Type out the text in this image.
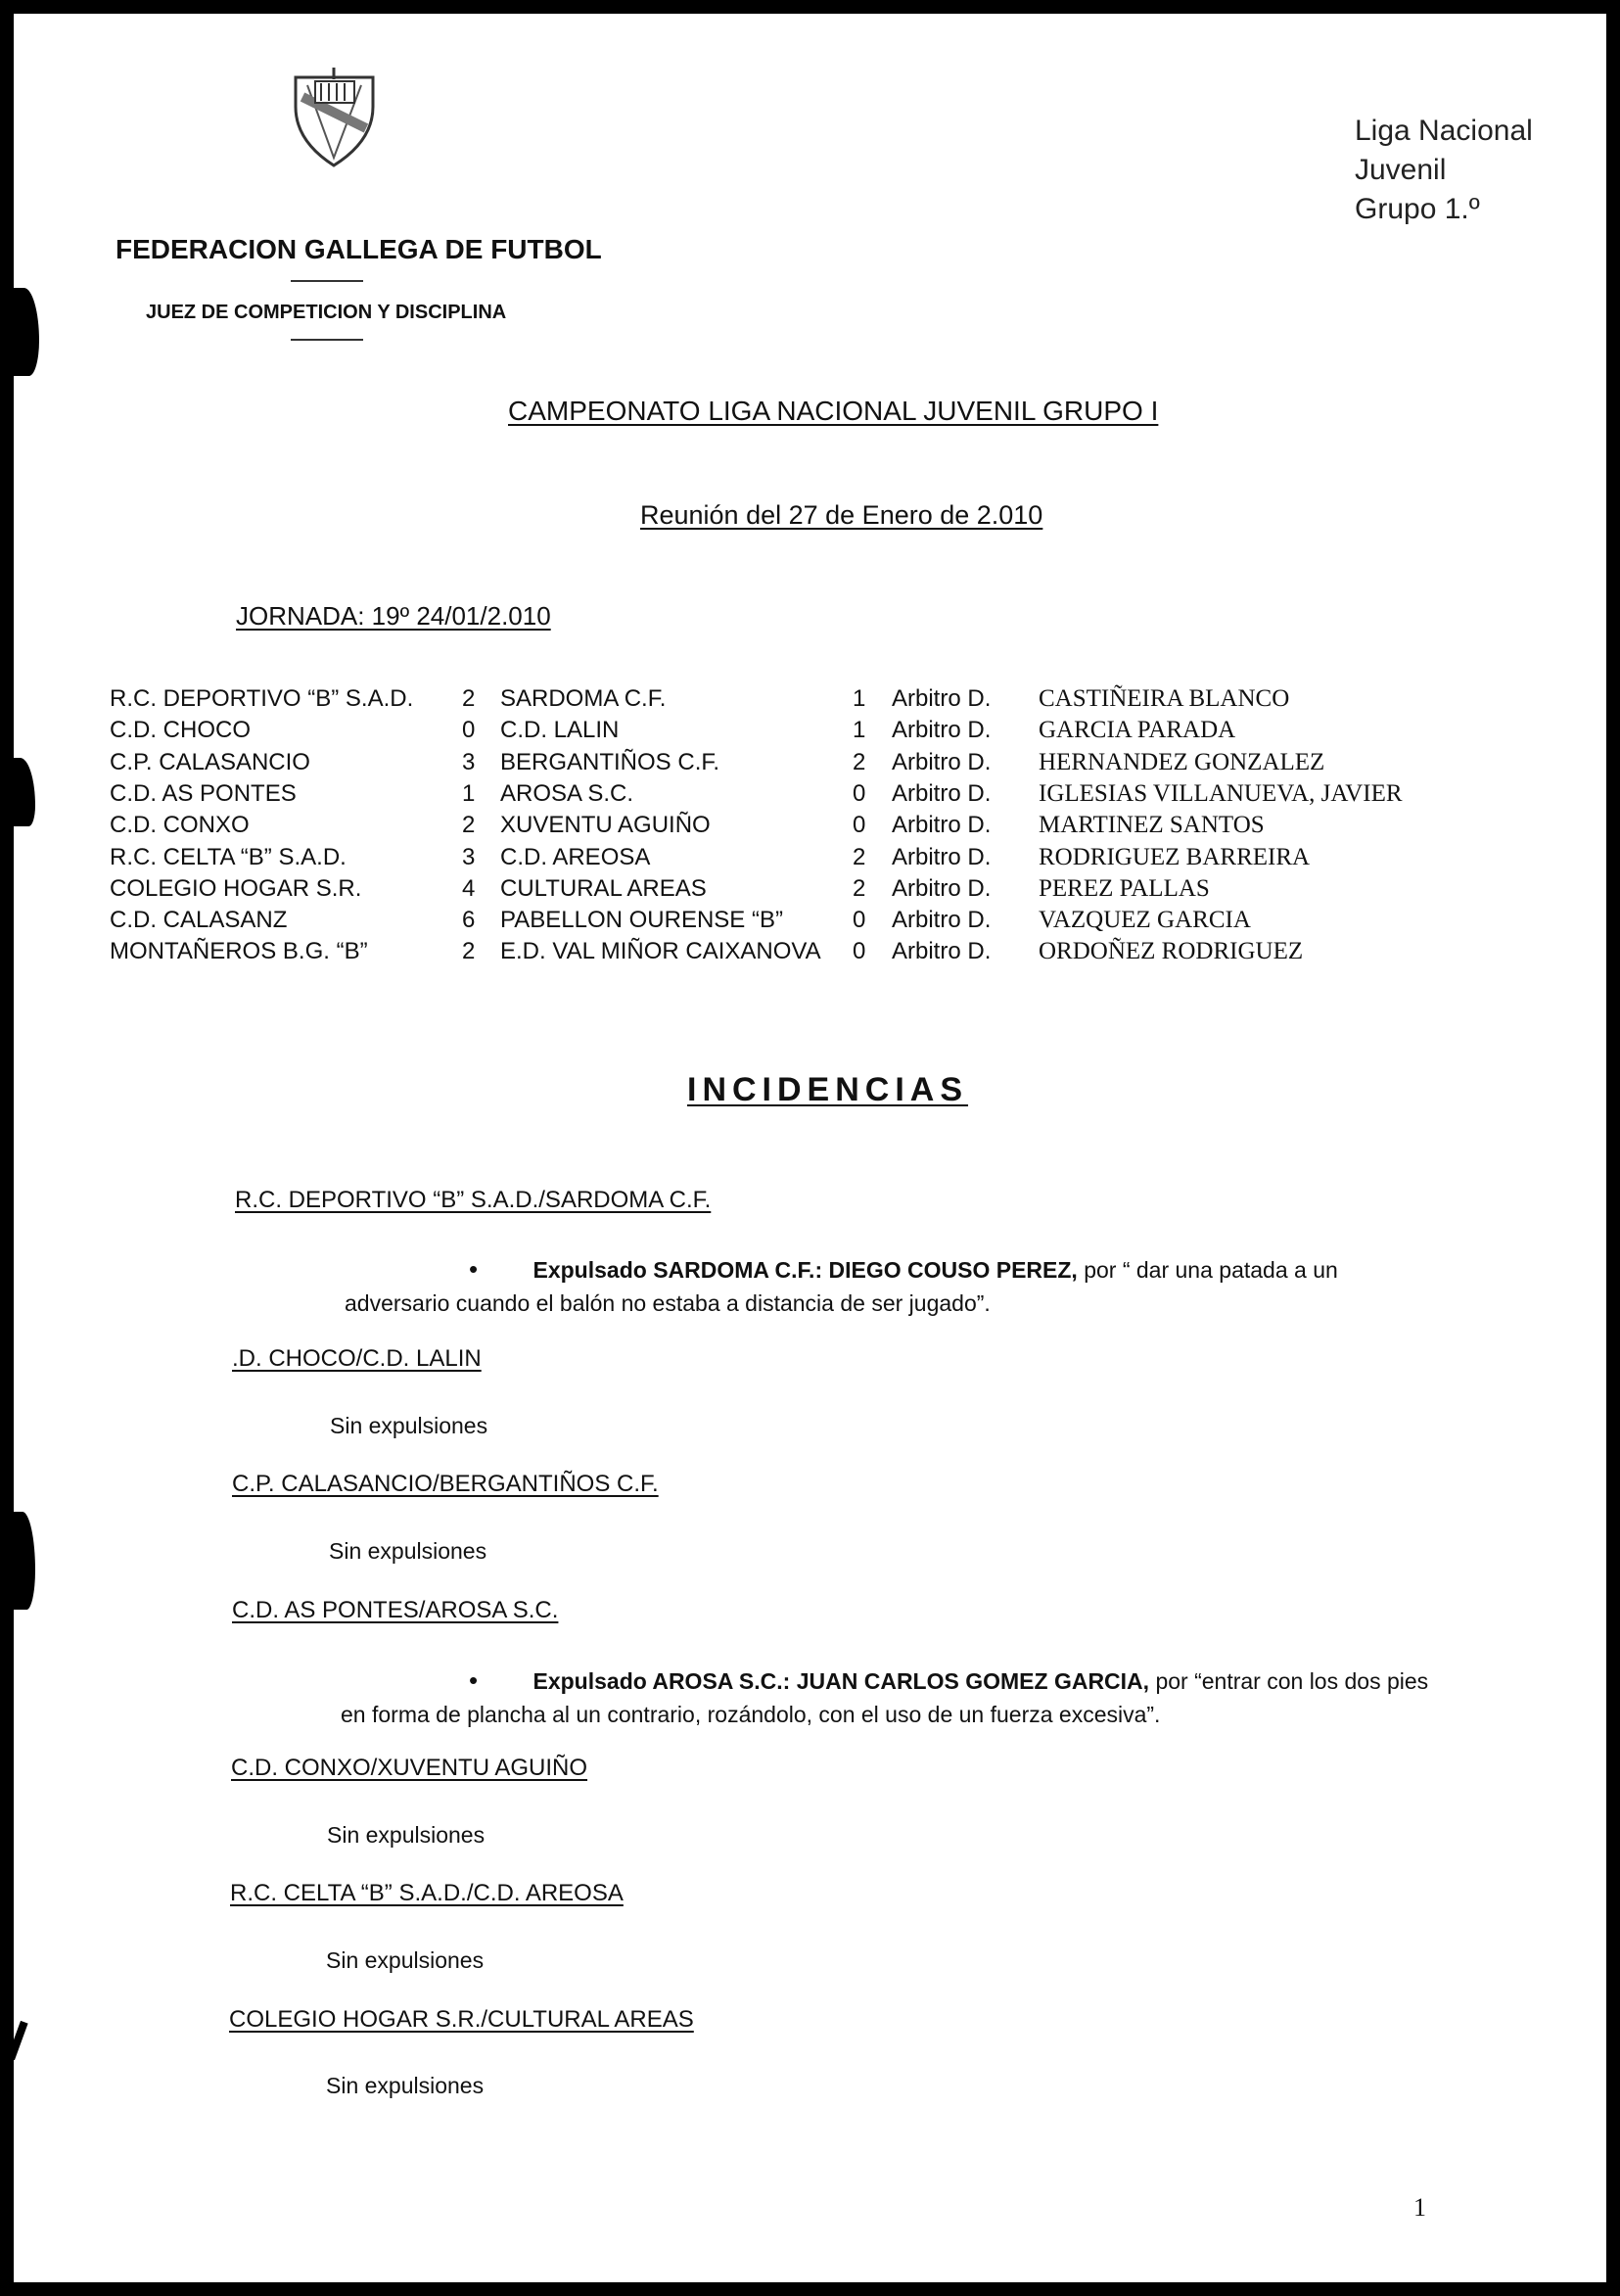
FEDERACION GALLEGA DE FUTBOL
JUEZ DE COMPETICION Y DISCIPLINA
Liga Nacional
Juvenil
Grupo 1.º
CAMPEONATO LIGA NACIONAL JUVENIL GRUPO I
Reunión del 27 de Enero de 2.010
JORNADA: 19º 24/01/2.010
R.C. DEPORTIVO “B” S.A.D. 2 SARDOMA C.F.	1 Arbitro D. CASTIÑEIRA BLANCO
C.D. CHOCO	0 C.D. LALIN	1 Arbitro D. GARCIA PARADA
C.P. CALASANCIO	3 BERGANTIÑOS C.F.	2 Arbitro D. HERNANDEZ GONZALEZ
C.D. AS PONTES	1 AROSA S.C.	0 Arbitro D. IGLESIAS VILLANUEVA, JAVIER
C.D. CONXO	2 XUVENTU AGUIÑO	0 Arbitro D. MARTINEZ SANTOS
R.C. CELTA “B” S.A.D.	3 C.D. AREOSA	2 Arbitro D. RODRIGUEZ BARREIRA
COLEGIO HOGAR S.R.	4 CULTURAL AREAS	2 Arbitro D. PEREZ PALLAS
C.D. CALASANZ	6 PABELLON OURENSE “B”	0 Arbitro D. VAZQUEZ GARCIA
MONTAÑEROS B.G. “B”	2 E.D. VAL MIÑOR CAIXANOVA 0 Arbitro D. ORDOÑEZ RODRIGUEZ
INCIDENCIAS
R.C. DEPORTIVO “B” S.A.D./SARDOMA C.F.
• Expulsado SARDOMA C.F.: DIEGO COUSO PEREZ, por “ dar una patada a un
adversario cuando el balón no estaba a distancia de ser jugado”.
.D. CHOCO/C.D. LALIN
Sin expulsiones
C.P. CALASANCIO/BERGANTIÑOS C.F.
Sin expulsiones
C.D. AS PONTES/AROSA S.C.
• Expulsado AROSA S.C.: JUAN CARLOS GOMEZ GARCIA, por “entrar con los dos pies
en forma de plancha al un contrario, rozándolo, con el uso de un fuerza excesiva”.
C.D. CONXO/XUVENTU AGUIÑO
Sin expulsiones
R.C. CELTA “B” S.A.D./C.D. AREOSA
Sin expulsiones
COLEGIO HOGAR S.R./CULTURAL AREAS
Sin expulsiones
1
